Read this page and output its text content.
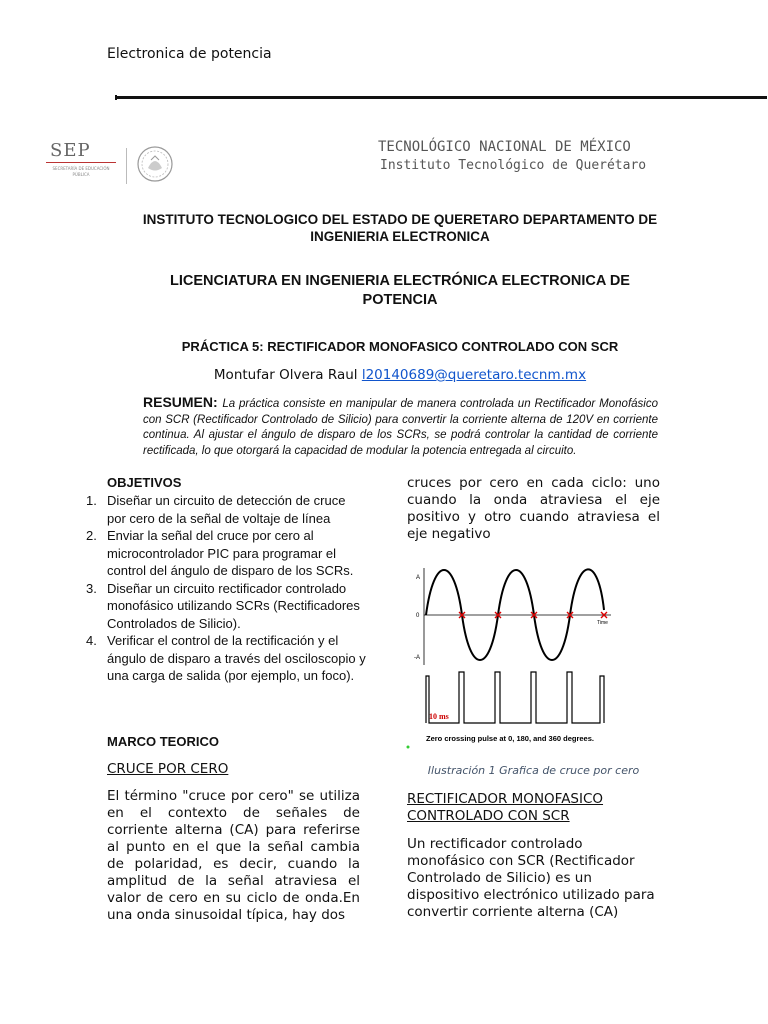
Electronica de potencia
SEP
SECRETARÍA DE EDUCACIÓN PÚBLICA
TECNOLÓGICO NACIONAL DE MÉXICO
Instituto Tecnológico de Querétaro
INSTITUTO TECNOLOGICO DEL ESTADO DE QUERETARO DEPARTAMENTO DE INGENIERIA ELECTRONICA
LICENCIATURA EN INGENIERIA ELECTRÓNICA ELECTRONICA DE POTENCIA
PRÁCTICA 5: RECTIFICADOR MONOFASICO CONTROLADO CON SCR
Montufar Olvera Raul l20140689@queretaro.tecnm.mx
RESUMEN: La práctica consiste en manipular de manera controlada un Rectificador Monofásico con SCR (Rectificador Controlado de Silicio) para convertir la corriente alterna de 120V en corriente continua. Al ajustar el ángulo de disparo de los SCRs, se podrá controlar la cantidad de corriente rectificada, lo que otorgará la capacidad de modular la potencia entregada al circuito.
OBJETIVOS
1. Diseñar un circuito de detección de cruce por cero de la señal de voltaje de línea
2. Enviar la señal del cruce por cero al microcontrolador PIC para programar el control del ángulo de disparo de los SCRs.
3. Diseñar un circuito rectificador controlado monofásico utilizando SCRs (Rectificadores Controlados de Silicio).
4. Verificar el control de la rectificación y el ángulo de disparo a través del osciloscopio y una carga de salida (por ejemplo, un foco).
MARCO TEORICO
CRUCE POR CERO
El término "cruce por cero" se utiliza en el contexto de señales de corriente alterna (CA) para referirse al punto en el que la señal cambia de polaridad, es decir, cuando la amplitud de la señal atraviesa el valor de cero en su ciclo de onda.En una onda sinusoidal típica, hay dos
cruces por cero en cada ciclo: uno cuando la onda atraviesa el eje positivo y otro cuando atraviesa el eje negativo
A
0
-A
Time
10 ms
Zero crossing pulse at 0, 180, and 360 degrees.
Ilustración 1 Grafica de cruce por cero
RECTIFICADOR MONOFASICO CONTROLADO CON SCR
Un rectificador controlado monofásico con SCR (Rectificador Controlado de Silicio) es un dispositivo electrónico utilizado para convertir corriente alterna (CA)
